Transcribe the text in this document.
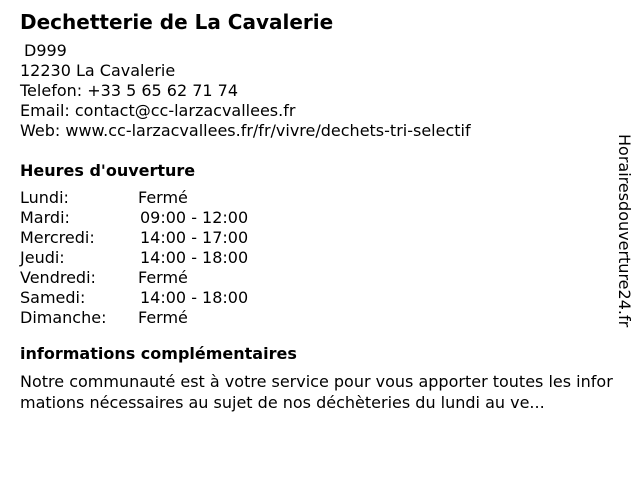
Dechetterie de La Cavalerie
D999
12230 La Cavalerie
Telefon: +33 5 65 62 71 74
Email: contact@cc-larzacvallees.fr
Web: www.cc-larzacvallees.fr/fr/vivre/dechets-tri-selectif
Heures d'ouverture
Lundi:	Fermé
Mardi:	09:00 - 12:00
Mercredi:	14:00 - 17:00
Jeudi:	14:00 - 18:00
Vendredi:	Fermé
Samedi:	14:00 - 18:00
Dimanche: Fermé
informations complémentaires

Notre communauté est à votre service pour vous apporter toutes les informations nécessaires au sujet de nos déchèteries du lundi au ve...

Horairesdouverture24.fr
